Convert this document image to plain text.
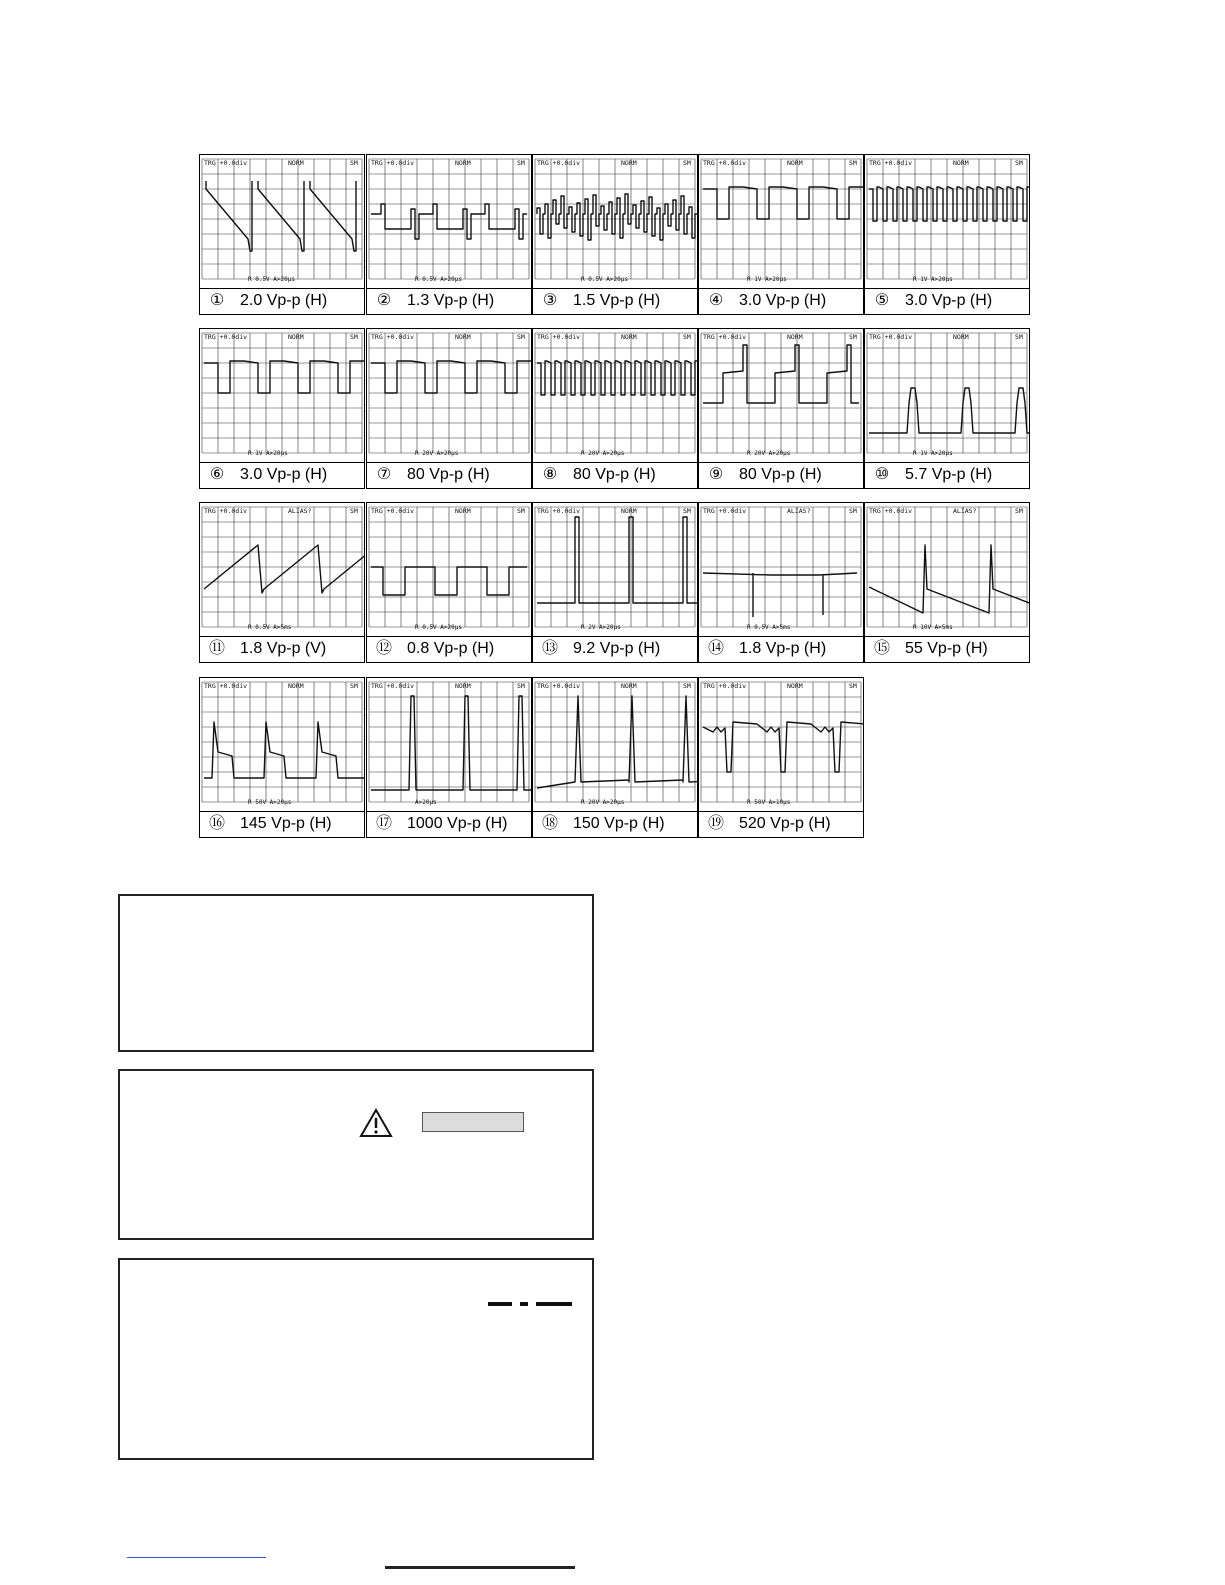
TRG +0.0div	NORM	SM
R 0.5V A>20μs
① 2.0 Vp-p (H)
TRG +0.0div	NORM	SM
R 0.5V A>20μs
② 1.3 Vp-p (H)
TRG +0.0div	NORM	SM
R 0.5V A>20μs
③ 1.5 Vp-p (H)
TRG +0.0div	NORM	SM
R 1V A>20μs
④ 3.0 Vp-p (H)
TRG +0.0div	NORM	SM
R 1V A>20μs
⑤ 3.0 Vp-p (H)
TRG +0.0div	NORM	SM
R 1V A>20μs
⑥ 3.0 Vp-p (H)
TRG +0.0div	NORM	SM
R 20V A>20μs
⑦ 80 Vp-p (H)
TRG +0.0div	NORM	SM
R 20V A>20μs
⑧ 80 Vp-p (H)
TRG +0.0div	NORM	SM
R 20V A>20μs
⑨ 80 Vp-p (H)
TRG +0.0div	NORM	SM
R 1V A>20μs
⑩ 5.7 Vp-p (H)
TRG +0.0div	ALIAS?	SM
R 0.5V A>5ms
⑪ 1.8 Vp-p (V)
TRG +0.0div	NORM	SM
R 0.5V A>20μs
⑫ 0.8 Vp-p (H)
TRG +0.0div	NORM	SM
R 2V A>20μs
⑬ 9.2 Vp-p (H)
TRG +0.0div	ALIAS?	SM
R 0.5V A>5ms
⑭ 1.8 Vp-p (H)
TRG +0.0div	ALIAS?	SM
R 10V A>5ms
⑮ 55 Vp-p (H)
TRG +0.0div	NORM	SM
R 50V A>20μs
⑯ 145 Vp-p (H)
TRG +0.0div	NORM	SM
A>20μs
⑰ 1000 Vp-p (H)
TRG +0.0div	NORM	SM
R 20V A>20μs
⑱ 150 Vp-p (H)
TRG +0.0div	NORM	SM
R 50V A>10μs
⑲ 520 Vp-p (H)
